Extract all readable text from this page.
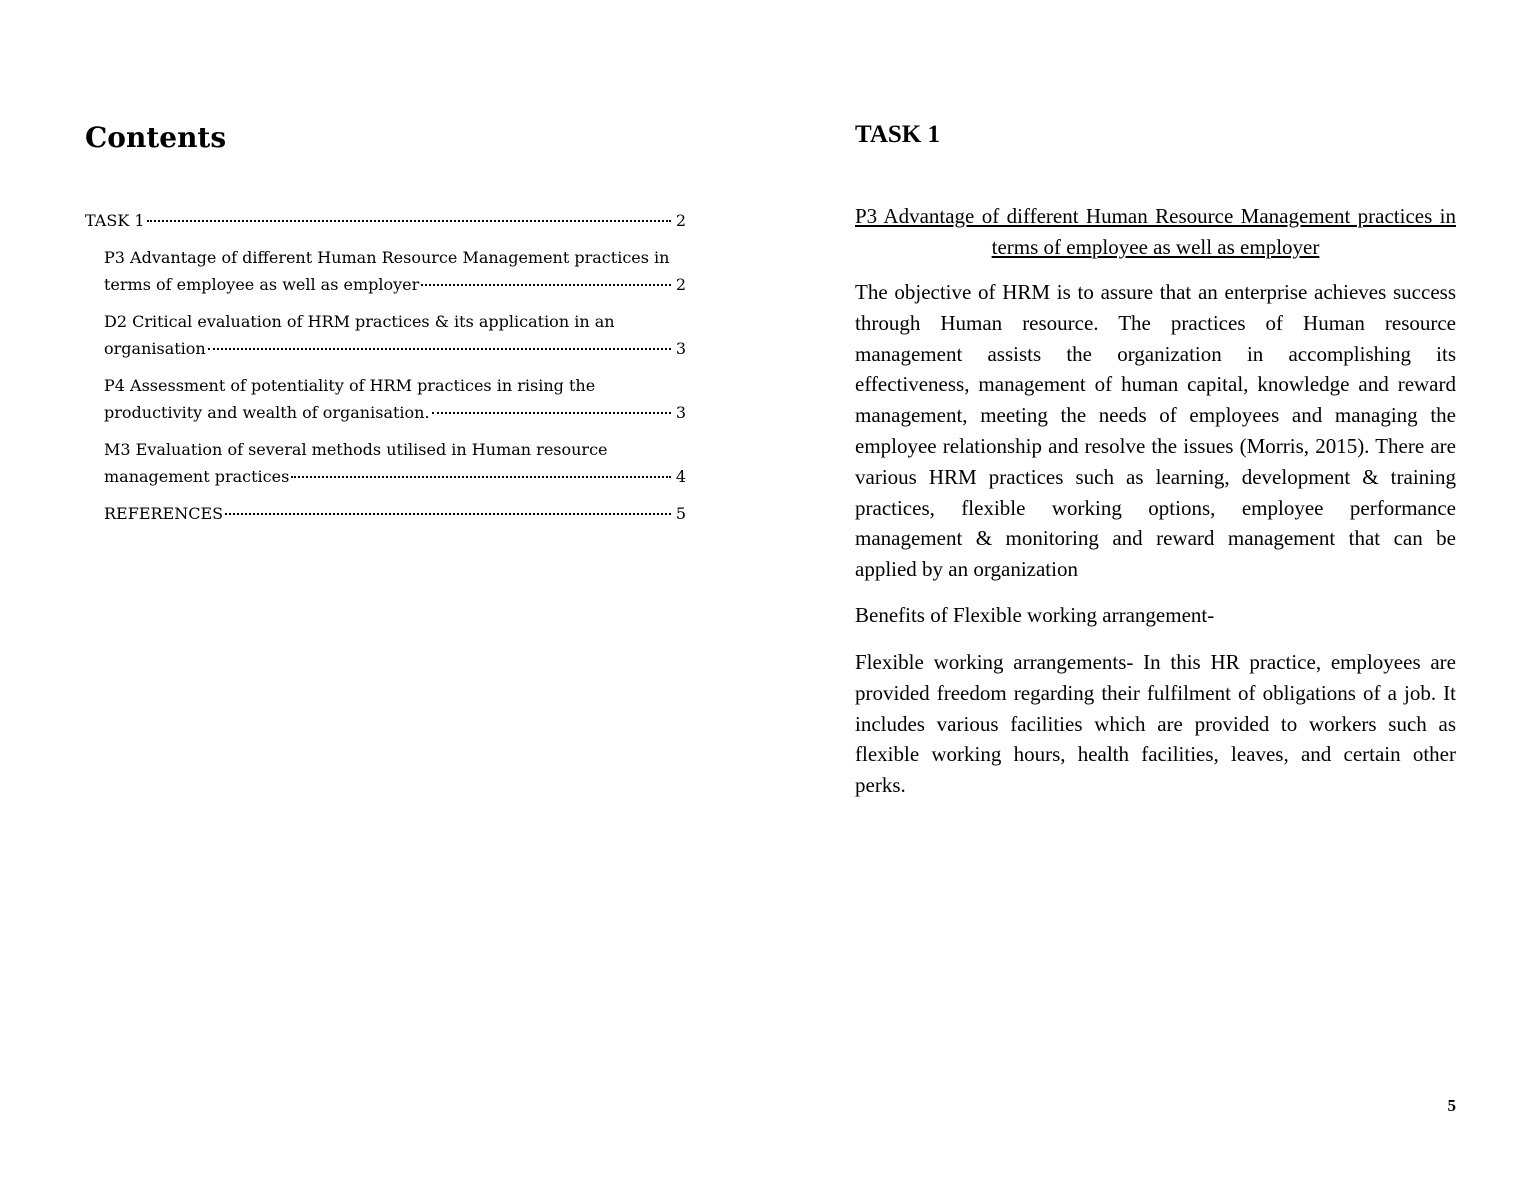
Contents
TASK 1	2
P3 Advantage of different Human Resource Management practices in
terms of employee as well as employer	2
D2 Critical evaluation of HRM practices & its application in an
organisation	3
P4 Assessment of potentiality of HRM practices in rising the
productivity and wealth of organisation.	3
M3 Evaluation of several methods utilised in Human resource
management practices	4
REFERENCES	5
TASK 1
P3 Advantage of different Human Resource Management practices in terms of employee as well as employer

The objective of HRM is to assure that an enterprise achieves success through Human resource. The practices of Human resource management assists the organization in accomplishing its effectiveness, management of human capital, knowledge and reward management, meeting the needs of employees and managing the employee relationship and resolve the issues (Morris, 2015). There are various HRM practices such as learning, development & training practices, flexible working options, employee performance management & monitoring and reward management that can be applied by an organization

Benefits of Flexible working arrangement-

Flexible working arrangements- In this HR practice, employees are provided freedom regarding their fulfilment of obligations of a job. It includes various facilities which are provided to workers such as flexible working hours, health facilities, leaves, and certain other perks.

5
